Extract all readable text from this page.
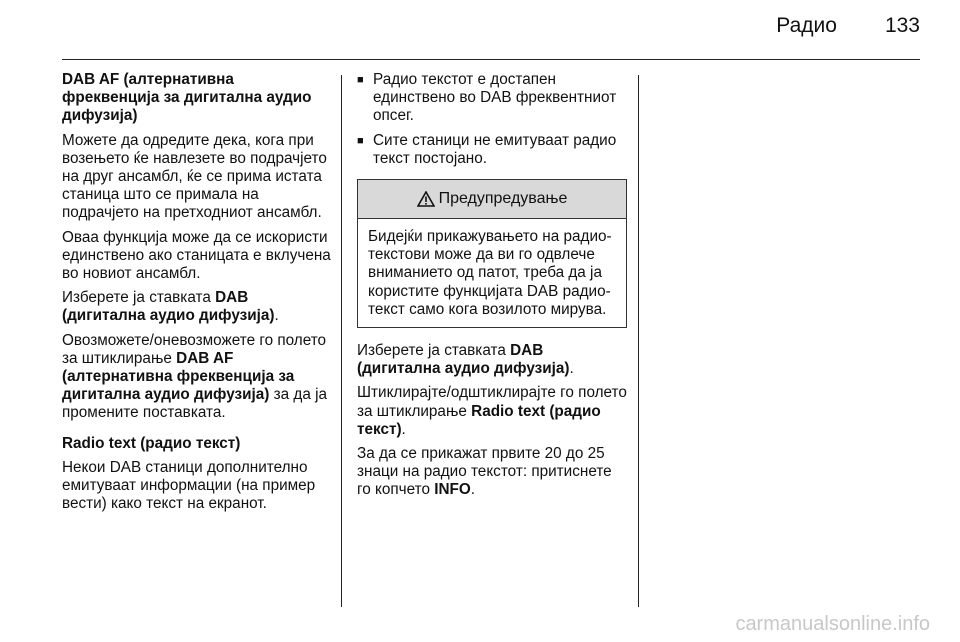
Радио 133

DAB AF (алтернативна фреквенција за дигитална аудио дифузија)

Можете да одредите дека, кога при возењето ќе навлезете во подрачјето на друг ансамбл, ќе се прима истата станица што се примала на подрачјето на претходниот ансамбл.

Оваа функција може да се искористи единствено ако станицата е вклучена во новиот ансамбл.

Изберете ја ставката DAB (дигитална аудио дифузија).

Овозможете/оневозможете го полето за штиклирање DAB AF (алтернативна фреквенција за дигитална аудио дифузија) за да ја промените поставката.

Radio text (радио текст)

Некои DAB станици дополнително емитуваат информации (на пример вести) како текст на екранот.

■ Радио текстот е достапен единствено во DAB фреквентниот опсег.
■ Сите станици не емитуваат радио текст постојано.
Предупредување
Бидејќи прикажувањето на радио-текстови може да ви го одвлече вниманието од патот, треба да ја користите функцијата DAB радио-текст само кога возилото мирува.

Изберете ја ставката DAB (дигитална аудио дифузија).

Штиклирајте/одштиклирајте го полето за штиклирање Radio text (радио текст).

За да се прикажат првите 20 до 25 знаци на радио текстот: притиснете го копчето INFO.

carmanualsonline.info
